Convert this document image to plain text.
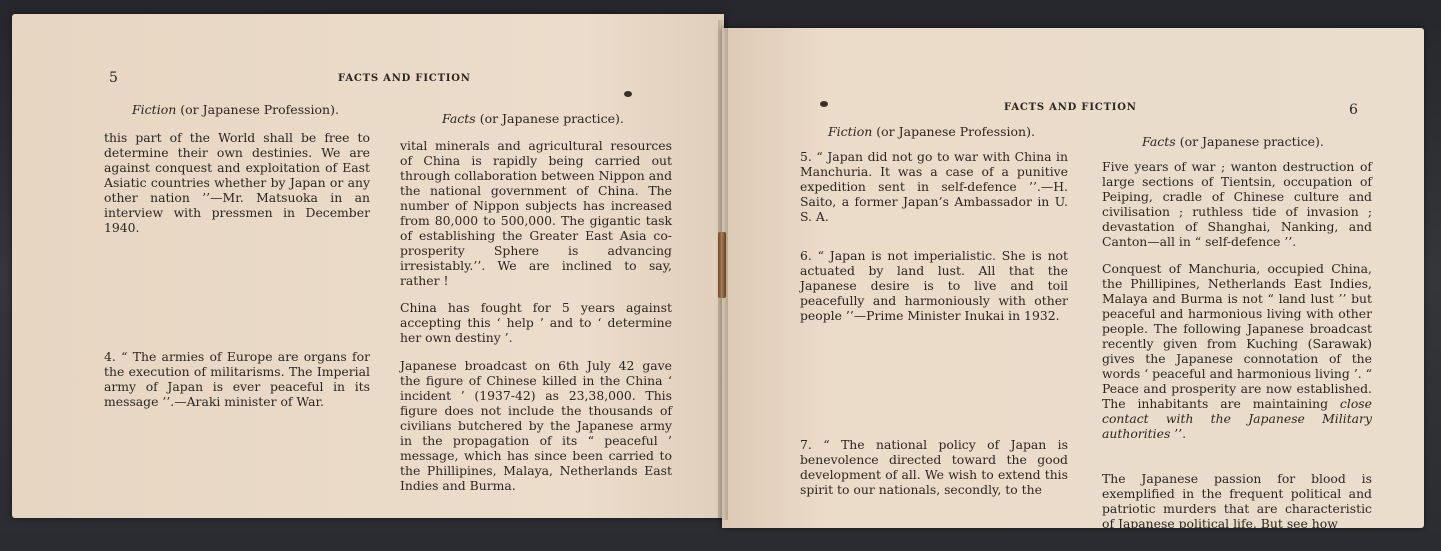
5	FACTS AND FICTION
Fiction (or Japanese Profession).
Facts (or Japanese practice).
this part of the World shall be free to determine their own destinies. We are against conquest and exploitation of East Asiatic countries whether by Japan or any other nation ’’—Mr. Matsuoka in an interview with pressmen in December 1940.
4. “ The armies of Europe are organs for the execution of militarisms. The Imperial army of Japan is ever peaceful in its message ’’.—Araki minister of War.
vital minerals and agricultural resources of China is rapidly being carried out through collaboration between Nippon and the national government of China. The number of Nippon subjects has increased from 80,000 to 500,000. The gigantic task of establishing the Greater East Asia co-prosperity Sphere is advancing irresistably.’’. We are inclined to say, rather !
China has fought for 5 years against accepting this ‘ help ’ and to ‘ determine her own destiny ’.
Japanese broadcast on 6th July 42 gave the figure of Chinese killed in the China ‘ incident ’ (1937-42) as 23,38,000. This figure does not include the thousands of civilians butchered by the Japanese army in the propagation of its “ peaceful ’ message, which has since been carried to the Phillipines, Malaya, Netherlands East Indies and Burma.
FACTS AND FICTION	6
Fiction (or Japanese Profession).
Facts (or Japanese practice).
5. “ Japan did not go to war with China in Manchuria. It was a case of a punitive expedition sent in self-defence ’’.—H. Saito, a former Japan’s Ambassador in U. S. A.
6. “ Japan is not imperialistic. She is not actuated by land lust. All that the Japanese desire is to live and toil peacefully and harmoniously with other people ’’—Prime Minister Inukai in 1932.
7. “ The national policy of Japan is benevolence directed toward the good development of all. We wish to extend this spirit to our nationals, secondly, to the
Five years of war ; wanton destruction of large sections of Tientsin, occupation of Peiping, cradle of Chinese culture and civilisation ; ruthless tide of invasion ; devastation of Shanghai, Nanking, and Canton—all in “ self-defence ’’.
Conquest of Manchuria, occupied China, the Phillipines, Netherlands East Indies, Malaya and Burma is not “ land lust ’’ but peaceful and harmonious living with other people. The following Japanese broadcast recently given from Kuching (Sarawak) gives the Japanese connotation of the words ‘ peaceful and harmonious living ’. “ Peace and prosperity are now established. The inhabitants are maintaining close contact with the Japanese Military authorities ’’.
The Japanese passion for blood is exemplified in the frequent political and patriotic murders that are characteristic of Japanese political life. But see how
